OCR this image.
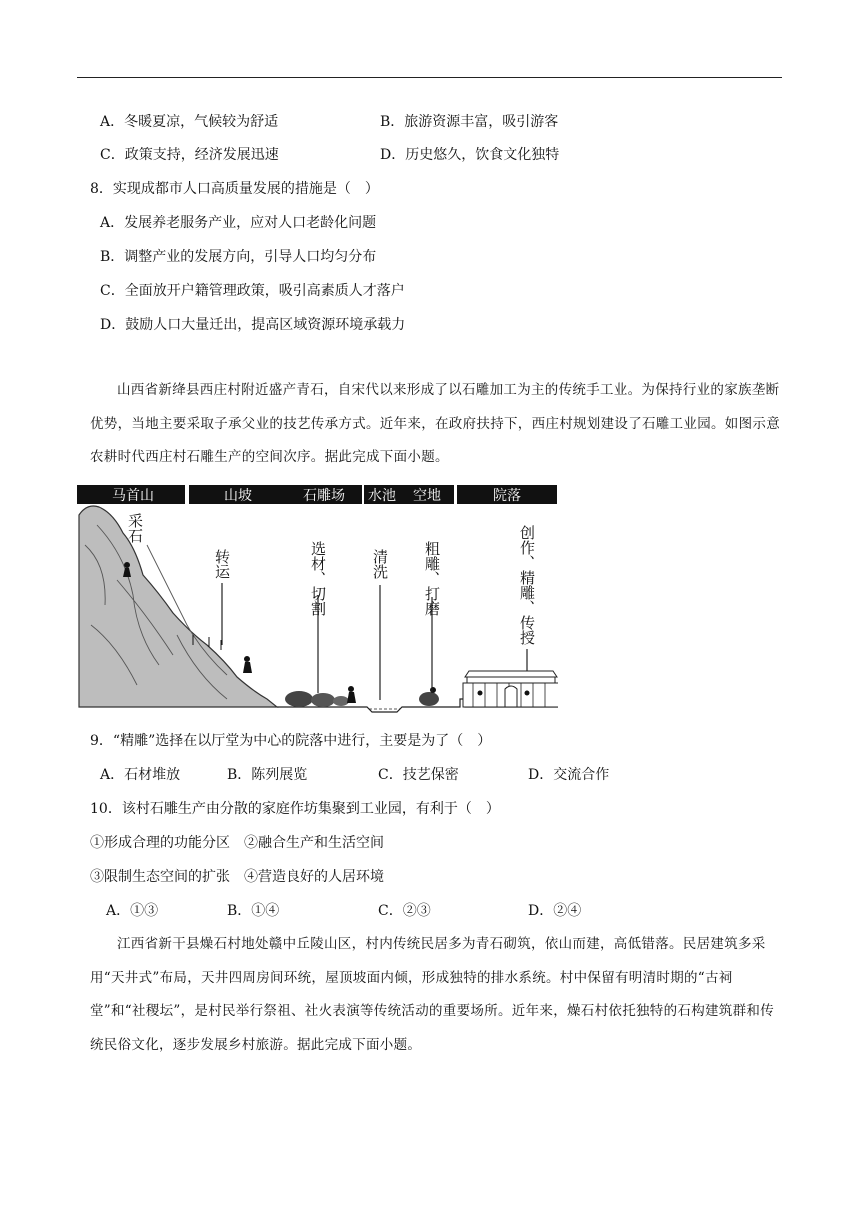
A．冬暖夏凉，气候较为舒适	B．旅游资源丰富，吸引游客
C．政策支持，经济发展迅速	D．历史悠久，饮食文化独特
8．实现成都市人口高质量发展的措施是（　）
A．发展养老服务产业，应对人口老龄化问题
B．调整产业的发展方向，引导人口均匀分布
C．全面放开户籍管理政策，吸引高素质人才落户
D．鼓励人口大量迁出，提高区域资源环境承载力
山西省新绛县西庄村附近盛产青石，自宋代以来形成了以石雕加工为主的传统手工业。为保持行业的家族垄断优势，当地主要采取子承父业的技艺传承方式。近年来，在政府扶持下，西庄村规划建设了石雕工业园。如图示意农耕时代西庄村石雕生产的空间次序。据此完成下面小题。
马首山	山坡	石雕场 水池 空地	院落
采石
转运	选材、切割	清洗 粗雕、打磨	创作、精雕、传授
9．“精雕”选择在以厅堂为中心的院落中进行，主要是为了（　）
A．石材堆放	B．陈列展览	C．技艺保密	D．交流合作
10．该村石雕生产由分散的家庭作坊集聚到工业园，有利于（　）
①形成合理的功能分区　②融合生产和生活空间
③限制生态空间的扩张　④营造良好的人居环境
A．①③	B．①④	C．②③	D．②④
江西省新干县燥石村地处赣中丘陵山区，村内传统民居多为青石砌筑，依山而建，高低错落。民居建筑多采用“天井式”布局，天井四周房间环统，屋顶坡面内倾，形成独特的排水系统。村中保留有明清时期的“古祠堂”和“社稷坛”，是村民举行祭祖、社火表演等传统活动的重要场所。近年来，燥石村依托独特的石构建筑群和传统民俗文化，逐步发展乡村旅游。据此完成下面小题。
